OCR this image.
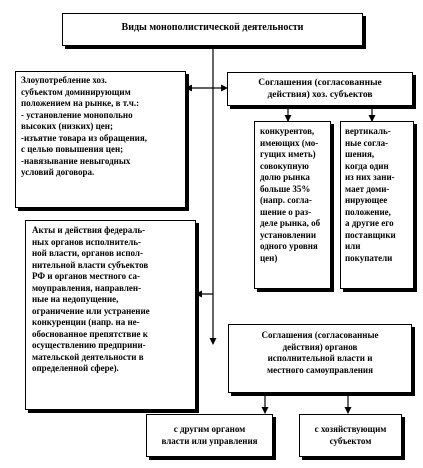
Виды монополистической деятельности
Злоупотребление хоз.
субъектом доминирующим
положением на рынке, в т.ч.:
- установление монопольно
высоких (низких) цен;
-изъятие товара из обращения,
с целью повышения цен;
-навязывание невыгодных
условий договора.
Соглашения (согласованные
действия) хоз. субъектов
конкурентов,
имеющих (мо-
гущих иметь)
совокупную
долю рынка
больше 35%
(напр. согла-
шение о раз-
деле рынка, об
установлении
одного уровня
цен)
вертикаль-
ные согла-
шения,
когда один
из них зани-
мает доми-
нирующее
положение,
а другие его
поставщики
или
покупатели
Акты и действия федераль-
ных органов исполнитель-
ной власти, органов испол-
нительной власти субъектов
РФ и органов местного са-
моуправления, направлен-
ные на недопущение,
ограничение или устранение
конкуренции (напр. на не-
обоснованное препятствие к
осуществлению предприни-
мательской деятельности в
определенной сфере).
Соглашения (согласованные
действия) органов
исполнительной власти и
местного самоуправления
с другим органом
власти или управления
с хозяйствующим
субъектом
